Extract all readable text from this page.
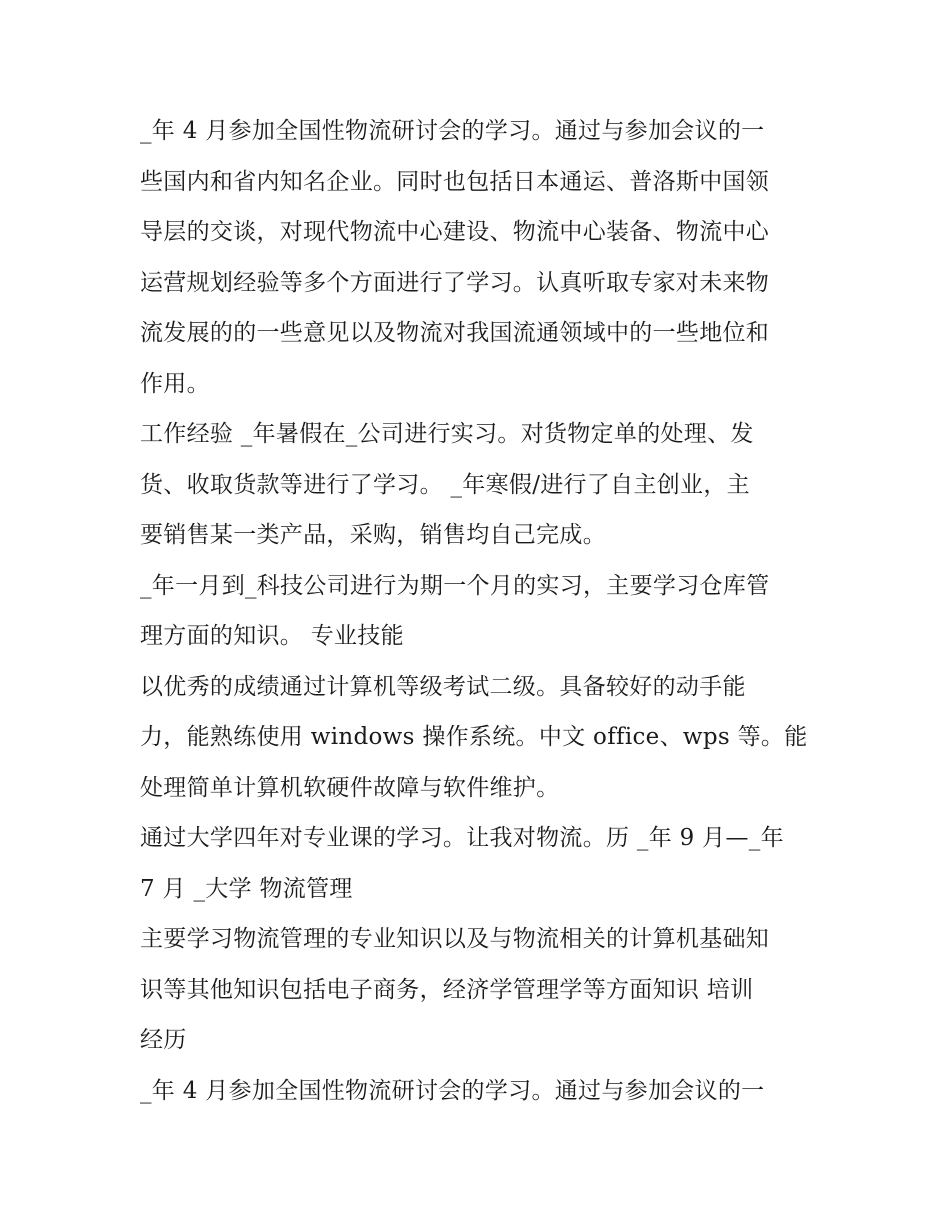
_年 4 月参加全国性物流研讨会的学习。通过与参加会议的一
些国内和省内知名企业。同时也包括日本通运、普洛斯中国领
导层的交谈，对现代物流中心建设、物流中心装备、物流中心
运营规划经验等多个方面进行了学习。认真听取专家对未来物
流发展的的一些意见以及物流对我国流通领域中的一些地位和
作用。
工作经验 _年暑假在_公司进行实习。对货物定单的处理、发
货、收取货款等进行了学习。 _年寒假/进行了自主创业，主
要销售某一类产品，采购，销售均自己完成。
_年一月到_科技公司进行为期一个月的实习，主要学习仓库管
理方面的知识。 专业技能
以优秀的成绩通过计算机等级考试二级。具备较好的动手能
力，能熟练使用 windows 操作系统。中文 office、wps 等。能
处理简单计算机软硬件故障与软件维护。
通过大学四年对专业课的学习。让我对物流。历 _年 9 月—_年
7 月 _大学 物流管理
主要学习物流管理的专业知识以及与物流相关的计算机基础知
识等其他知识包括电子商务，经济学管理学等方面知识 培训
经历
_年 4 月参加全国性物流研讨会的学习。通过与参加会议的一
